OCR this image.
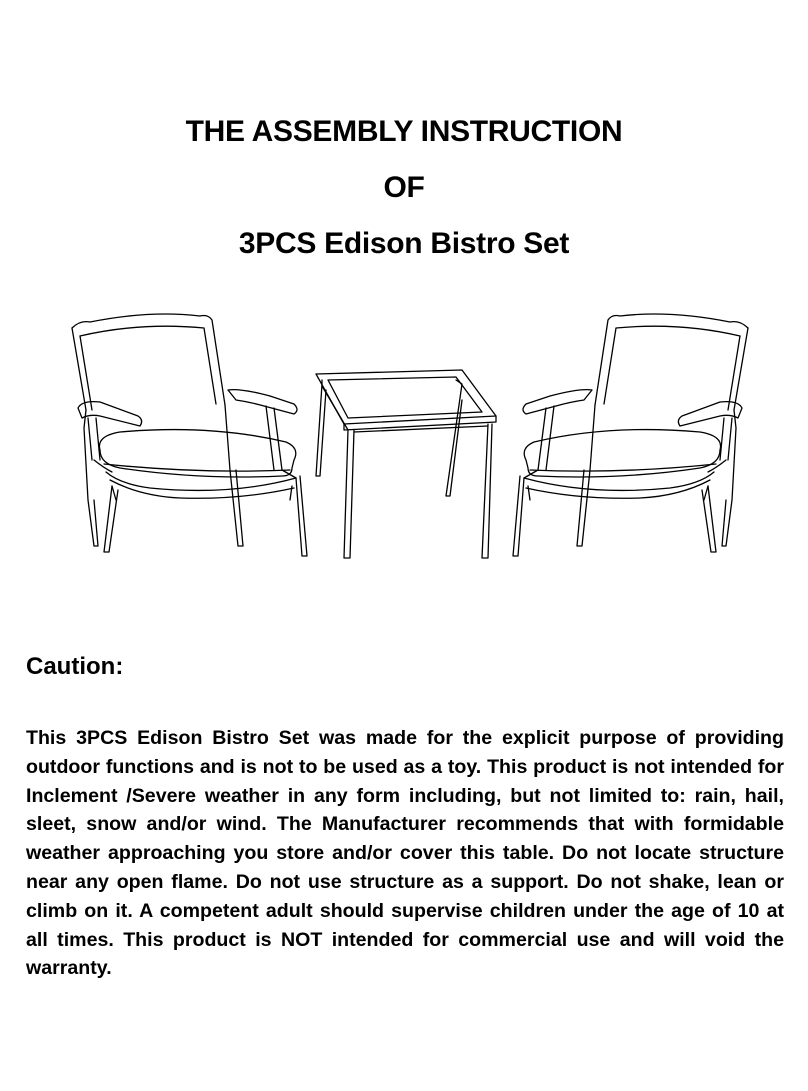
THE ASSEMBLY INSTRUCTION
OF
3PCS Edison Bistro Set
Caution:
This 3PCS Edison Bistro Set was made for the explicit purpose of providing outdoor functions and is not to be used as a toy. This product is not intended for Inclement /Severe weather in any form including, but not limited to: rain, hail, sleet, snow and/or wind. The Manufacturer recommends that with formidable weather approaching you store and/or cover this table. Do not locate structure near any open flame. Do not use structure as a support. Do not shake, lean or climb on it. A competent adult should supervise children under the age of 10 at all times. This product is NOT intended for commercial use and will void the warranty.
